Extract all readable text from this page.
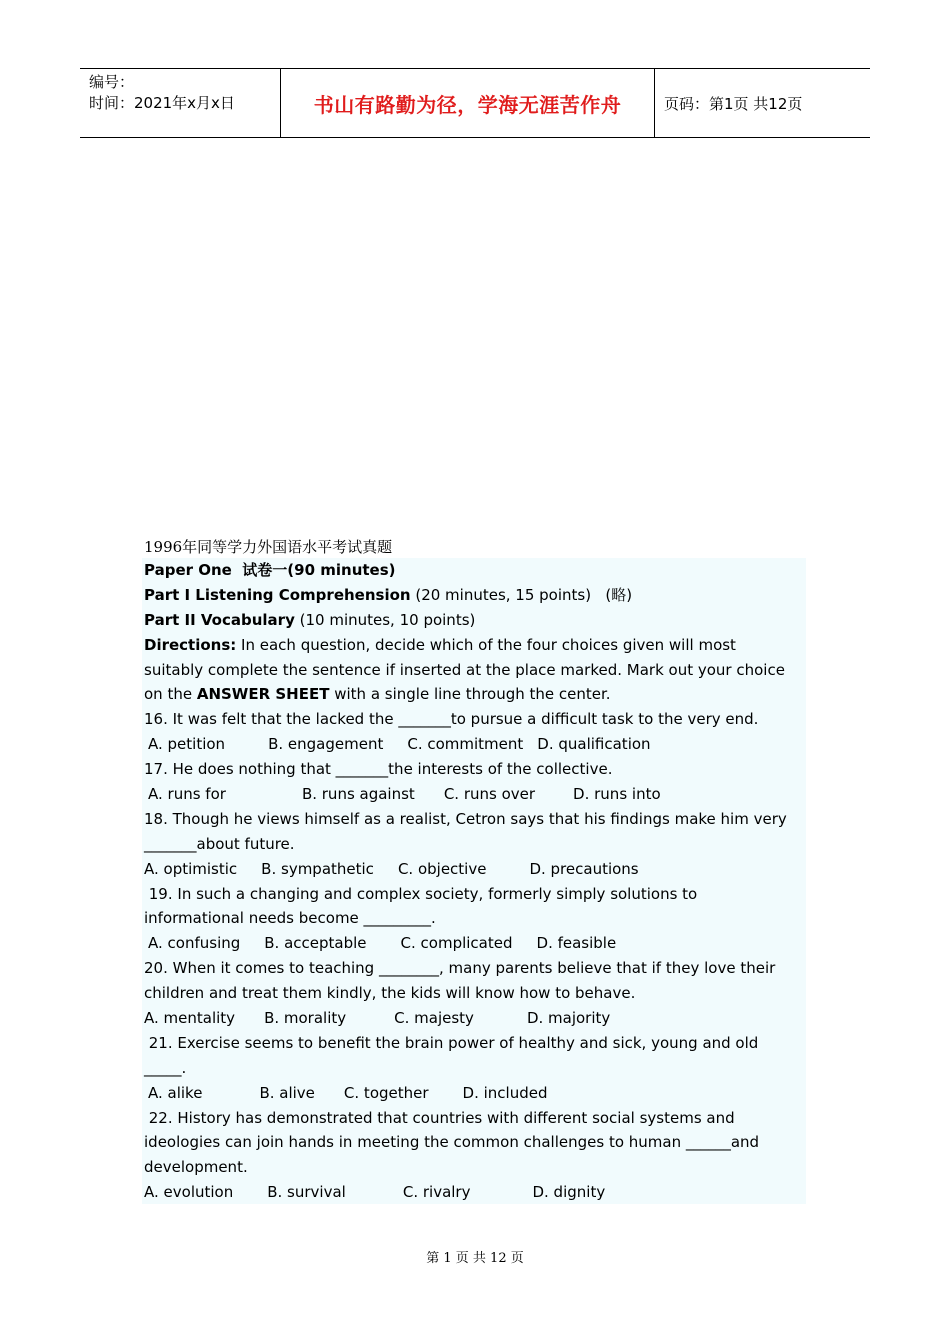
编号：
时间：2021年x月x日	书山有路勤为径，学海无涯苦作舟	页码：第1页 共12页
1996年同等学力外国语水平考试真题
Paper One  试卷一(90 minutes)
Part I Listening Comprehension (20 minutes, 15 points)   (略)
Part II Vocabulary (10 minutes, 10 points)
Directions: In each question, decide which of the four choices given will most
suitably complete the sentence if inserted at the place marked. Mark out your choice
on the ANSWER SHEET with a single line through the center.
16. It was felt that the lacked the _______to pursue a difficult task to the very end.
A. petition	B. engagement C. commitment D. qualification
17. He does nothing that _______the interests of the collective.
A. runs for	B. runs against C. runs over	D. runs into
18. Though he views himself as a realist, Cetron says that his findings make him very
_______about future.
A. optimistic B. sympathetic C. objective	D. precautions
19. In such a changing and complex society, formerly simply solutions to
informational needs become _________.
A. confusing B. acceptable C. complicated D. feasible
20. When it comes to teaching ________, many parents believe that if they love their
children and treat them kindly, the kids will know how to behave.
A. mentality B. morality	C. majesty	D. majority
21. Exercise seems to benefit the brain power of healthy and sick, young and old
_____.
A. alike	B. alive C. together D. included
22. History has demonstrated that countries with different social systems and
ideologies can join hands in meeting the common challenges to human ______and
development.
A. evolution B. survival	C. rivalry	D. dignity
第 1 页 共 12 页
